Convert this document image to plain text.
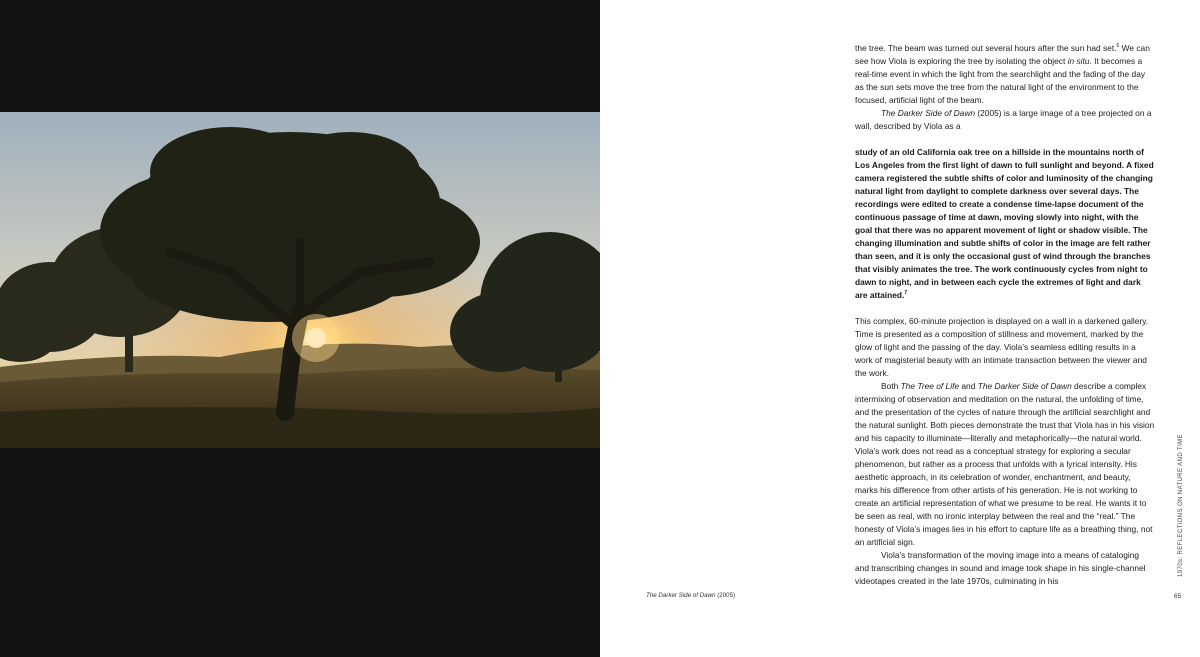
The Darker Side of Dawn (2005)

the tree. The beam was turned out several hours after the sun had set.$^6$ We can see how Viola is exploring the tree by isolating the object in situ. It becomes a real-time event in which the light from the searchlight and the fading of the day as the sun sets move the tree from the natural light of the environment to the focused, artificial light of the beam.

The Darker Side of Dawn (2005) is a large image of a tree projected on a wall, described by Viola as a

study of an old California oak tree on a hillside in the mountains north of Los Angeles from the first light of dawn to full sunlight and beyond. A fixed camera registered the subtle shifts of color and luminosity of the changing natural light from daylight to complete darkness over several days. The recordings were edited to create a condense time-lapse document of the continuous passage of time at dawn, moving slowly into night, with the goal that there was no apparent movement of light or shadow visible. The changing illumination and subtle shifts of color in the image are felt rather than seen, and it is only the occasional gust of wind through the branches that visibly animates the tree. The work continuously cycles from night to dawn to night, and in between each cycle the extremes of light and dark are attained.$^7$

This complex, 60-minute projection is displayed on a wall in a darkened gallery. Time is presented as a composition of stillness and movement, marked by the glow of light and the passing of the day. Viola’s seamless editing results in a work of magisterial beauty with an intimate transaction between the viewer and the work.

Both The Tree of Life and The Darker Side of Dawn describe a complex intermixing of observation and meditation on the natural, the unfolding of time, and the presentation of the cycles of nature through the artificial searchlight and the natural sunlight. Both pieces demonstrate the trust that Viola has in his vision and his capacity to illuminate—literally and metaphorically—the natural world. Viola’s work does not read as a conceptual strategy for exploring a secular phenomenon, but rather as a process that unfolds with a lyrical intensity. His aesthetic approach, in its celebration of wonder, enchantment, and beauty, marks his difference from other artists of his generation. He is not working to create an artificial representation of what we presume to be real. He wants it to be seen as real, with no ironic interplay between the real and the “real.” The honesty of Viola’s images lies in his effort to capture life as a breathing thing, not an artificial sign.

Viola’s transformation of the moving image into a means of cataloging and transcribing changes in sound and image took shape in his single-channel videotapes created in the late 1970s, culminating in his

1970s: REFLECTIONS ON NATURE AND TIME
65
